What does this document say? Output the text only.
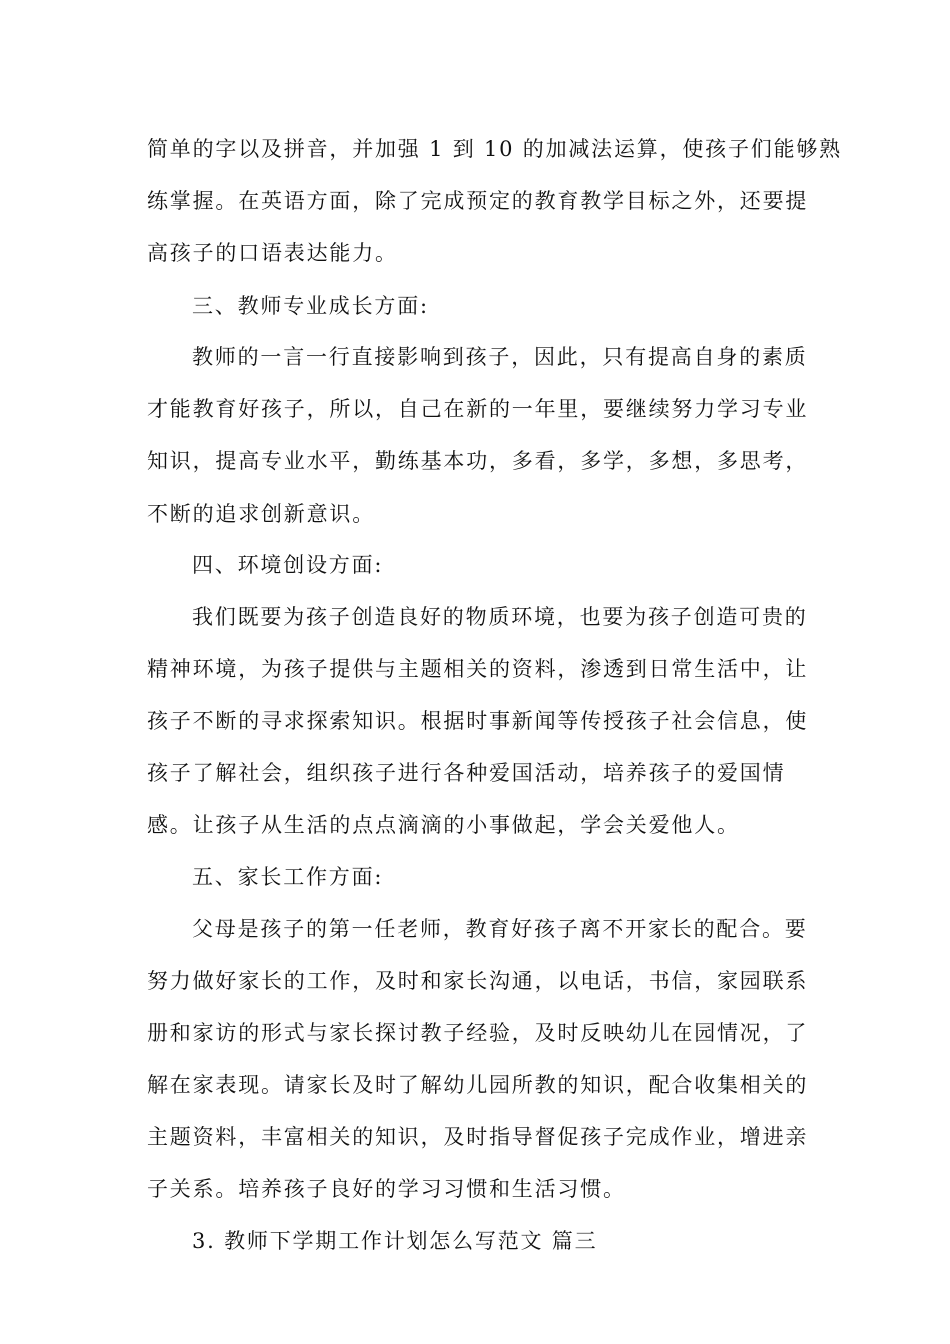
简单的字以及拼音，并加强 1 到 10 的加减法运算，使孩子们能够熟
练掌握。在英语方面，除了完成预定的教育教学目标之外，还要提
高孩子的口语表达能力。
三、教师专业成长方面:
教师的一言一行直接影响到孩子，因此，只有提高自身的素质
才能教育好孩子，所以，自己在新的一年里，要继续努力学习专业
知识，提高专业水平，勤练基本功，多看，多学，多想，多思考，
不断的追求创新意识。
四、环境创设方面:
我们既要为孩子创造良好的物质环境，也要为孩子创造可贵的
精神环境，为孩子提供与主题相关的资料，渗透到日常生活中，让
孩子不断的寻求探索知识。根据时事新闻等传授孩子社会信息，使
孩子了解社会，组织孩子进行各种爱国活动，培养孩子的爱国情
感。让孩子从生活的点点滴滴的小事做起，学会关爱他人。
五、家长工作方面:
父母是孩子的第一任老师，教育好孩子离不开家长的配合。要
努力做好家长的工作，及时和家长沟通，以电话，书信，家园联系
册和家访的形式与家长探讨教子经验，及时反映幼儿在园情况，了
解在家表现。请家长及时了解幼儿园所教的知识，配合收集相关的
主题资料，丰富相关的知识，及时指导督促孩子完成作业，增进亲
子关系。培养孩子良好的学习习惯和生活习惯。
3. 教师下学期工作计划怎么写范文 篇三
